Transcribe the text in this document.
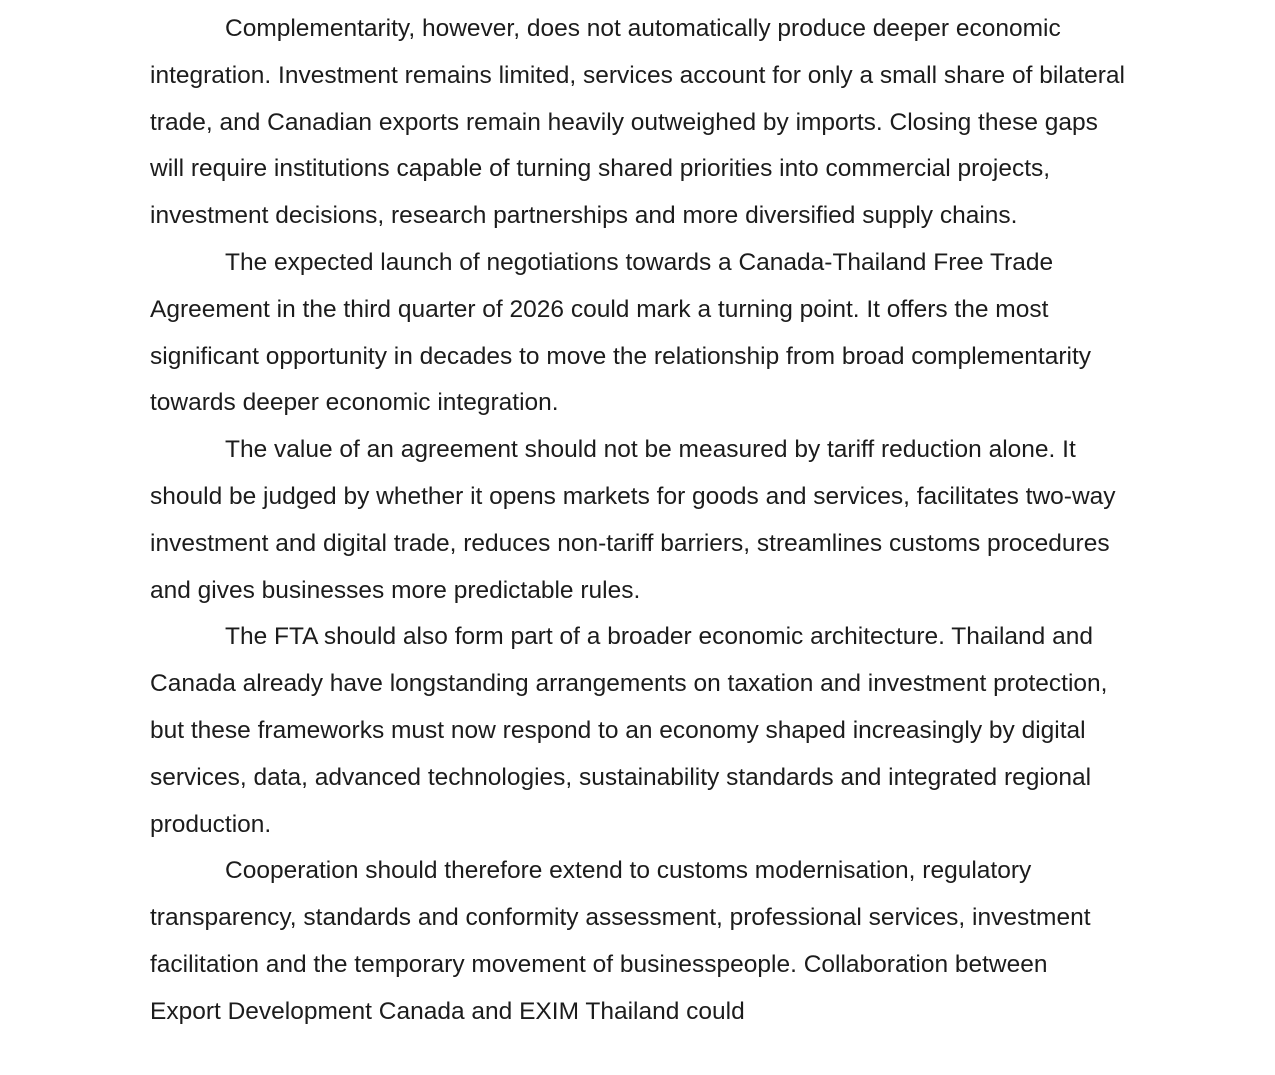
Complementarity, however, does not automatically produce deeper economic integration. Investment remains limited, services account for only a small share of bilateral trade, and Canadian exports remain heavily outweighed by imports. Closing these gaps will require institutions capable of turning shared priorities into commercial projects, investment decisions, research partnerships and more diversified supply chains.

The expected launch of negotiations towards a Canada-Thailand Free Trade Agreement in the third quarter of 2026 could mark a turning point. It offers the most significant opportunity in decades to move the relationship from broad complementarity towards deeper economic integration.

The value of an agreement should not be measured by tariff reduction alone. It should be judged by whether it opens markets for goods and services, facilitates two-way investment and digital trade, reduces non-tariff barriers, streamlines customs procedures and gives businesses more predictable rules.

The FTA should also form part of a broader economic architecture. Thailand and Canada already have longstanding arrangements on taxation and investment protection, but these frameworks must now respond to an economy shaped increasingly by digital services, data, advanced technologies, sustainability standards and integrated regional production.

Cooperation should therefore extend to customs modernisation, regulatory transparency, standards and conformity assessment, professional services, investment facilitation and the temporary movement of businesspeople. Collaboration between Export Development Canada and EXIM Thailand could
